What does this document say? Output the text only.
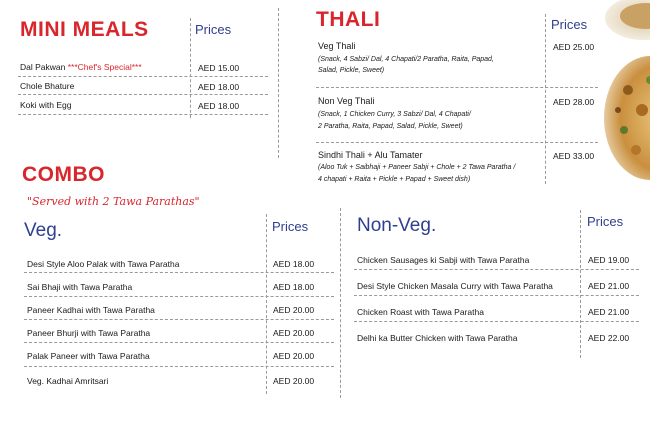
MINI MEALS	Prices
Dal Pakwan ***Chef's Special***	AED 15.00
Chole Bhature	AED 18.00
Koki with Egg	AED 18.00
THALI	Prices
Veg Thali
(Snack, 4 Sabzi/ Dal, 4 Chapati/2 Paratha, Raita, Papad,
Salad, Pickle, Sweet)
AED 25.00
Non Veg Thali
(Snack, 1 Chicken Curry, 3 Sabzi/ Dal, 4 Chapati/
2 Paratha, Raita, Papad, Salad, Pickle, Sweet)
AED 28.00
Sindhi Thali + Alu Tamater
(Aloo Tuk + Saibhaji + Paneer Sabji + Chole + 2 Tawa Paratha /
4 chapati + Raita + Pickle + Papad + Sweet dish)
AED 33.00
COMBO
"Served with 2 Tawa Parathas"
Veg.	Prices
Desi Style Aloo Palak with Tawa Paratha	AED 18.00
Sai Bhaji with Tawa Paratha	AED 18.00
Paneer Kadhai with Tawa Paratha	AED 20.00
Paneer Bhurji with Tawa Paratha	AED 20.00
Palak Paneer with Tawa Paratha	AED 20.00
Veg. Kadhai Amritsari	AED 20.00
Non-Veg.	Prices
Chicken Sausages ki Sabji with Tawa Paratha	AED 19.00
Desi Style Chicken Masala Curry with Tawa Paratha	AED 21.00
Chicken Roast with Tawa Paratha	AED 21.00
Delhi ka Butter Chicken with Tawa Paratha	AED 22.00
